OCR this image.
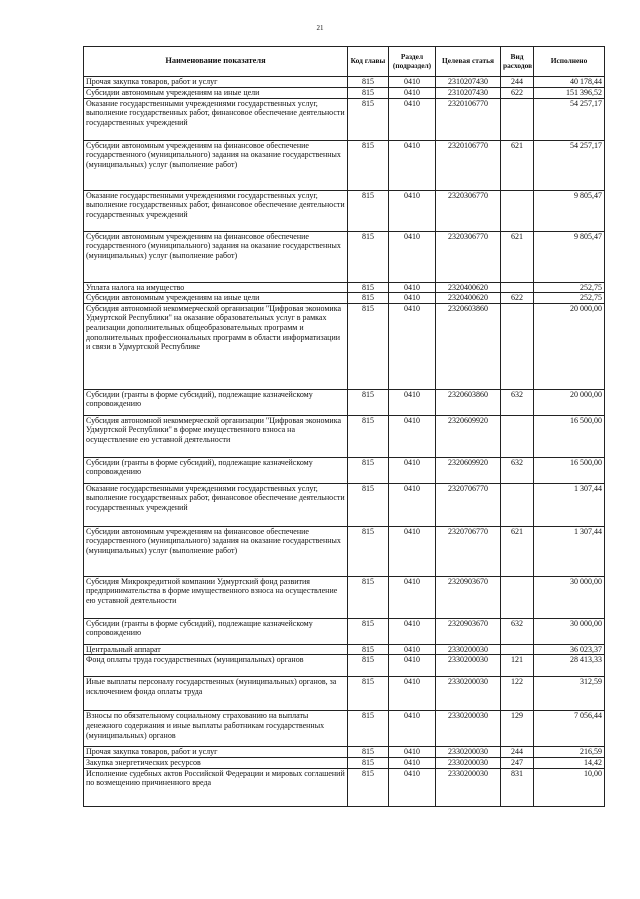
21
Наименование показателя	Код главы	Раздел (подраздел)	Целевая статья	Вид расходов	Исполнено
Прочая закупка товаров, работ и услуг	815	0410	2310207430	244	40 178,44
Субсидии автономным учреждениям на иные цели	815	0410	2310207430	622	151 396,52
Оказание государственными учреждениями государственных услуг, выполнение государственных работ, финансовое обеспечение деятельности государственных учреждений	815	0410	2320106770		54 257,17
Субсидии автономным учреждениям на финансовое обеспечение государственного (муниципального) задания на оказание государственных (муниципальных) услуг (выполнение работ)	815	0410	2320106770	621	54 257,17
Оказание государственными учреждениями государственных услуг, выполнение государственных работ, финансовое обеспечение деятельности государственных учреждений	815	0410	2320306770		9 805,47
Субсидии автономным учреждениям на финансовое обеспечение государственного (муниципального) задания на оказание государственных (муниципальных) услуг (выполнение работ)	815	0410	2320306770	621	9 805,47
Уплата налога на имущество	815	0410	2320400620		252,75
Субсидии автономным учреждениям на иные цели	815	0410	2320400620	622	252,75
Субсидия автономной некоммерческой организации "Цифровая экономика Удмуртской Республики" на оказание образовательных услуг в рамках реализации дополнительных общеобразовательных программ и дополнительных профессиональных программ в области информатизации и связи в Удмуртской Республике	815	0410	2320603860		20 000,00
Субсидии (гранты в форме субсидий), подлежащие казначейскому сопровождению	815	0410	2320603860	632	20 000,00
Субсидия автономной некоммерческой организации "Цифровая экономика Удмуртской Республики" в форме имущественного взноса на осуществление ею уставной деятельности	815	0410	2320609920		16 500,00
Субсидии (гранты в форме субсидий), подлежащие казначейскому сопровождению	815	0410	2320609920	632	16 500,00
Оказание государственными учреждениями государственных услуг, выполнение государственных работ, финансовое обеспечение деятельности государственных учреждений	815	0410	2320706770		1 307,44
Субсидии автономным учреждениям на финансовое обеспечение государственного (муниципального) задания на оказание государственных (муниципальных) услуг (выполнение работ)	815	0410	2320706770	621	1 307,44
Субсидия Микрокредитной компании Удмуртский фонд развития предпринимательства в форме имущественного взноса на осуществление ею уставной деятельности	815	0410	2320903670		30 000,00
Субсидии (гранты в форме субсидий), подлежащие казначейскому сопровождению	815	0410	2320903670	632	30 000,00
Центральный аппарат	815	0410	2330200030		36 023,37
Фонд оплаты труда государственных (муниципальных) органов	815	0410	2330200030	121	28 413,33
Иные выплаты персоналу государственных (муниципальных) органов, за исключением фонда оплаты труда	815	0410	2330200030	122	312,59
Взносы по обязательному социальному страхованию на выплаты денежного содержания и иные выплаты работникам государственных (муниципальных) органов	815	0410	2330200030	129	7 056,44
Прочая закупка товаров, работ и услуг	815	0410	2330200030	244	216,59
Закупка энергетических ресурсов	815	0410	2330200030	247	14,42
Исполнение судебных актов Российской Федерации и мировых соглашений по возмещению причиненного вреда	815	0410	2330200030	831	10,00
